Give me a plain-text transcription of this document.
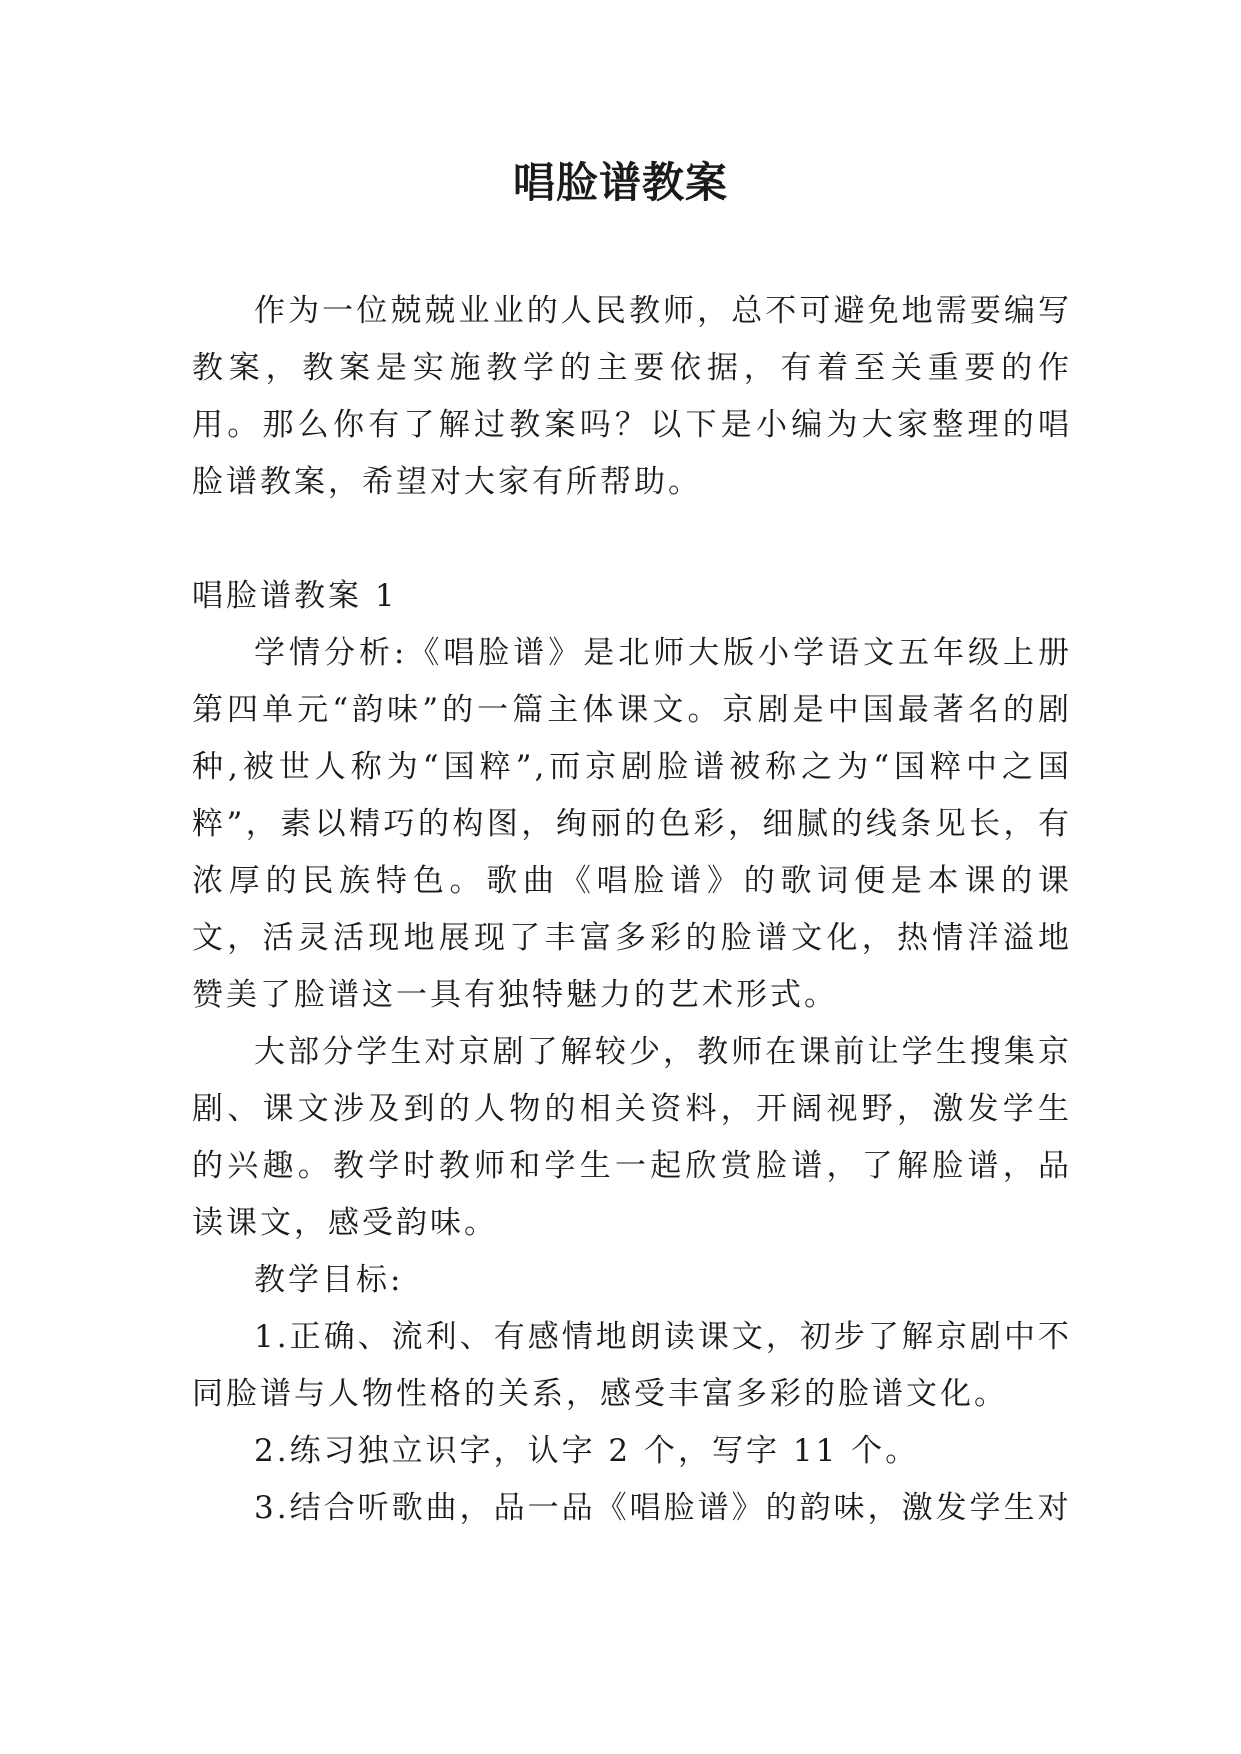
唱脸谱教案

作为一位兢兢业业的人民教师，总不可避免地需要编写教案，教案是实施教学的主要依据，有着至关重要的作用。那么你有了解过教案吗？以下是小编为大家整理的唱脸谱教案，希望对大家有所帮助。

唱脸谱教案 1

学情分析:《唱脸谱》是北师大版小学语文五年级上册第四单元“韵味”的一篇主体课文。京剧是中国最著名的剧种,被世人称为“国粹”,而京剧脸谱被称之为“国粹中之国粹”，素以精巧的构图，绚丽的色彩，细腻的线条见长，有浓厚的民族特色。歌曲《唱脸谱》的歌词便是本课的课文，活灵活现地展现了丰富多彩的脸谱文化，热情洋溢地赞美了脸谱这一具有独特魅力的艺术形式。

大部分学生对京剧了解较少，教师在课前让学生搜集京剧、课文涉及到的人物的相关资料，开阔视野，激发学生的兴趣。教学时教师和学生一起欣赏脸谱，了解脸谱，品读课文，感受韵味。

教学目标:

1.正确、流利、有感情地朗读课文，初步了解京剧中不同脸谱与人物性格的关系，感受丰富多彩的脸谱文化。

2.练习独立识字，认字 2 个，写字 11 个。

3.结合听歌曲，品一品《唱脸谱》的韵味，激发学生对
